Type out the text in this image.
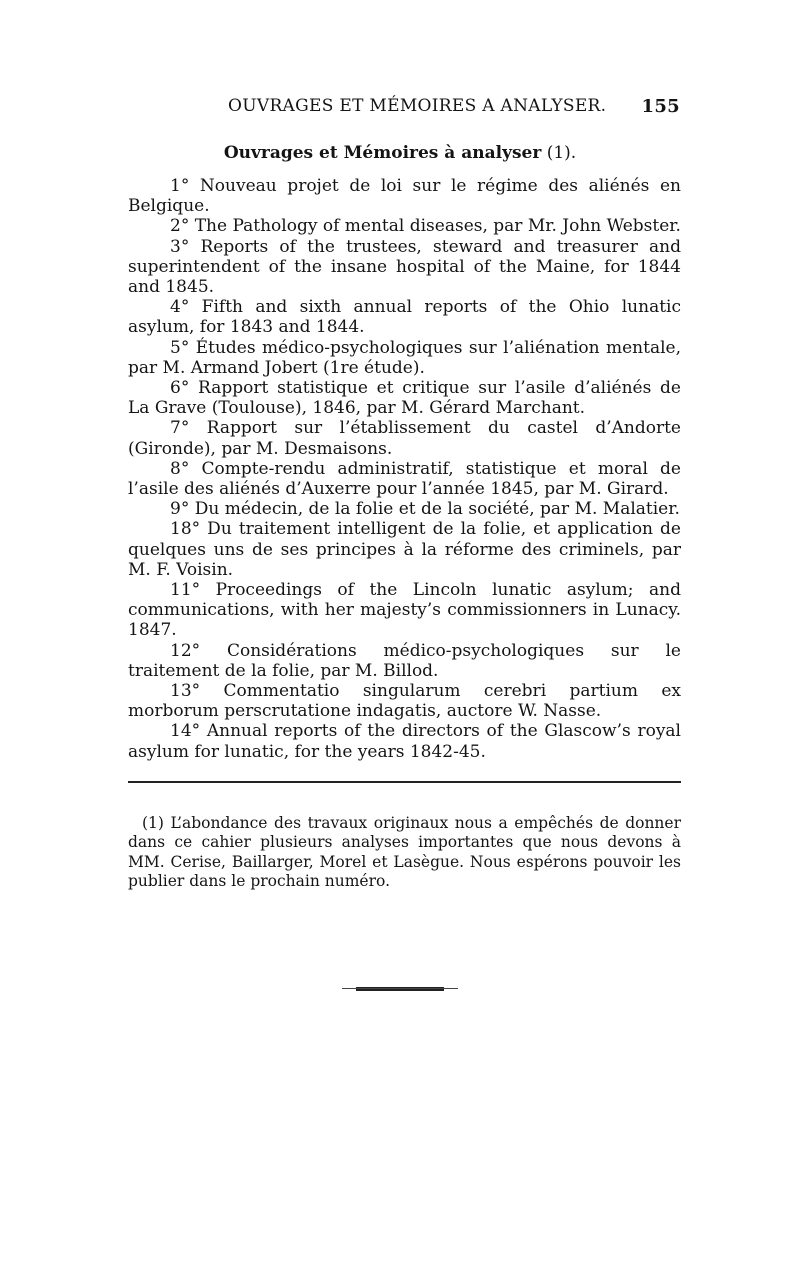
OUVRAGES ET MÉMOIRES A ANALYSER. 155
Ouvrages et Mémoires à analyser (1).

1° Nouveau projet de loi sur le régime des aliénés en Belgique.

2° The Pathology of mental diseases, par Mr. John Webster.

3° Reports of the trustees, steward and treasurer and superintendent of the insane hospital of the Maine, for 1844 and 1845.

4° Fifth and sixth annual reports of the Ohio lunatic asylum, for 1843 and 1844.

5° Études médico-psychologiques sur l’aliénation mentale, par M. Armand Jobert (1re étude).

6° Rapport statistique et critique sur l’asile d’aliénés de La Grave (Toulouse), 1846, par M. Gérard Marchant.

7° Rapport sur l’établissement du castel d’Andorte (Gironde), par M. Desmaisons.

8° Compte-rendu administratif, statistique et moral de l’asile des aliénés d’Auxerre pour l’année 1845, par M. Girard.

9° Du médecin, de la folie et de la société, par M. Malatier.

18° Du traitement intelligent de la folie, et application de quelques uns de ses principes à la réforme des criminels, par M. F. Voisin.

11° Proceedings of the Lincoln lunatic asylum; and communications, with her majesty’s commissionners in Lunacy. 1847.

12° Considérations médico-psychologiques sur le traitement de la folie, par M. Billod.

13° Commentatio singularum cerebri partium ex morborum perscrutatione indagatis, auctore W. Nasse.

14° Annual reports of the directors of the Glascow’s royal asylum for lunatic, for the years 1842-45.

(1) L’abondance des travaux originaux nous a empêchés de donner dans ce cahier plusieurs analyses importantes que nous devons à MM. Cerise, Baillarger, Morel et Lasègue. Nous espérons pouvoir les publier dans le prochain numéro.
